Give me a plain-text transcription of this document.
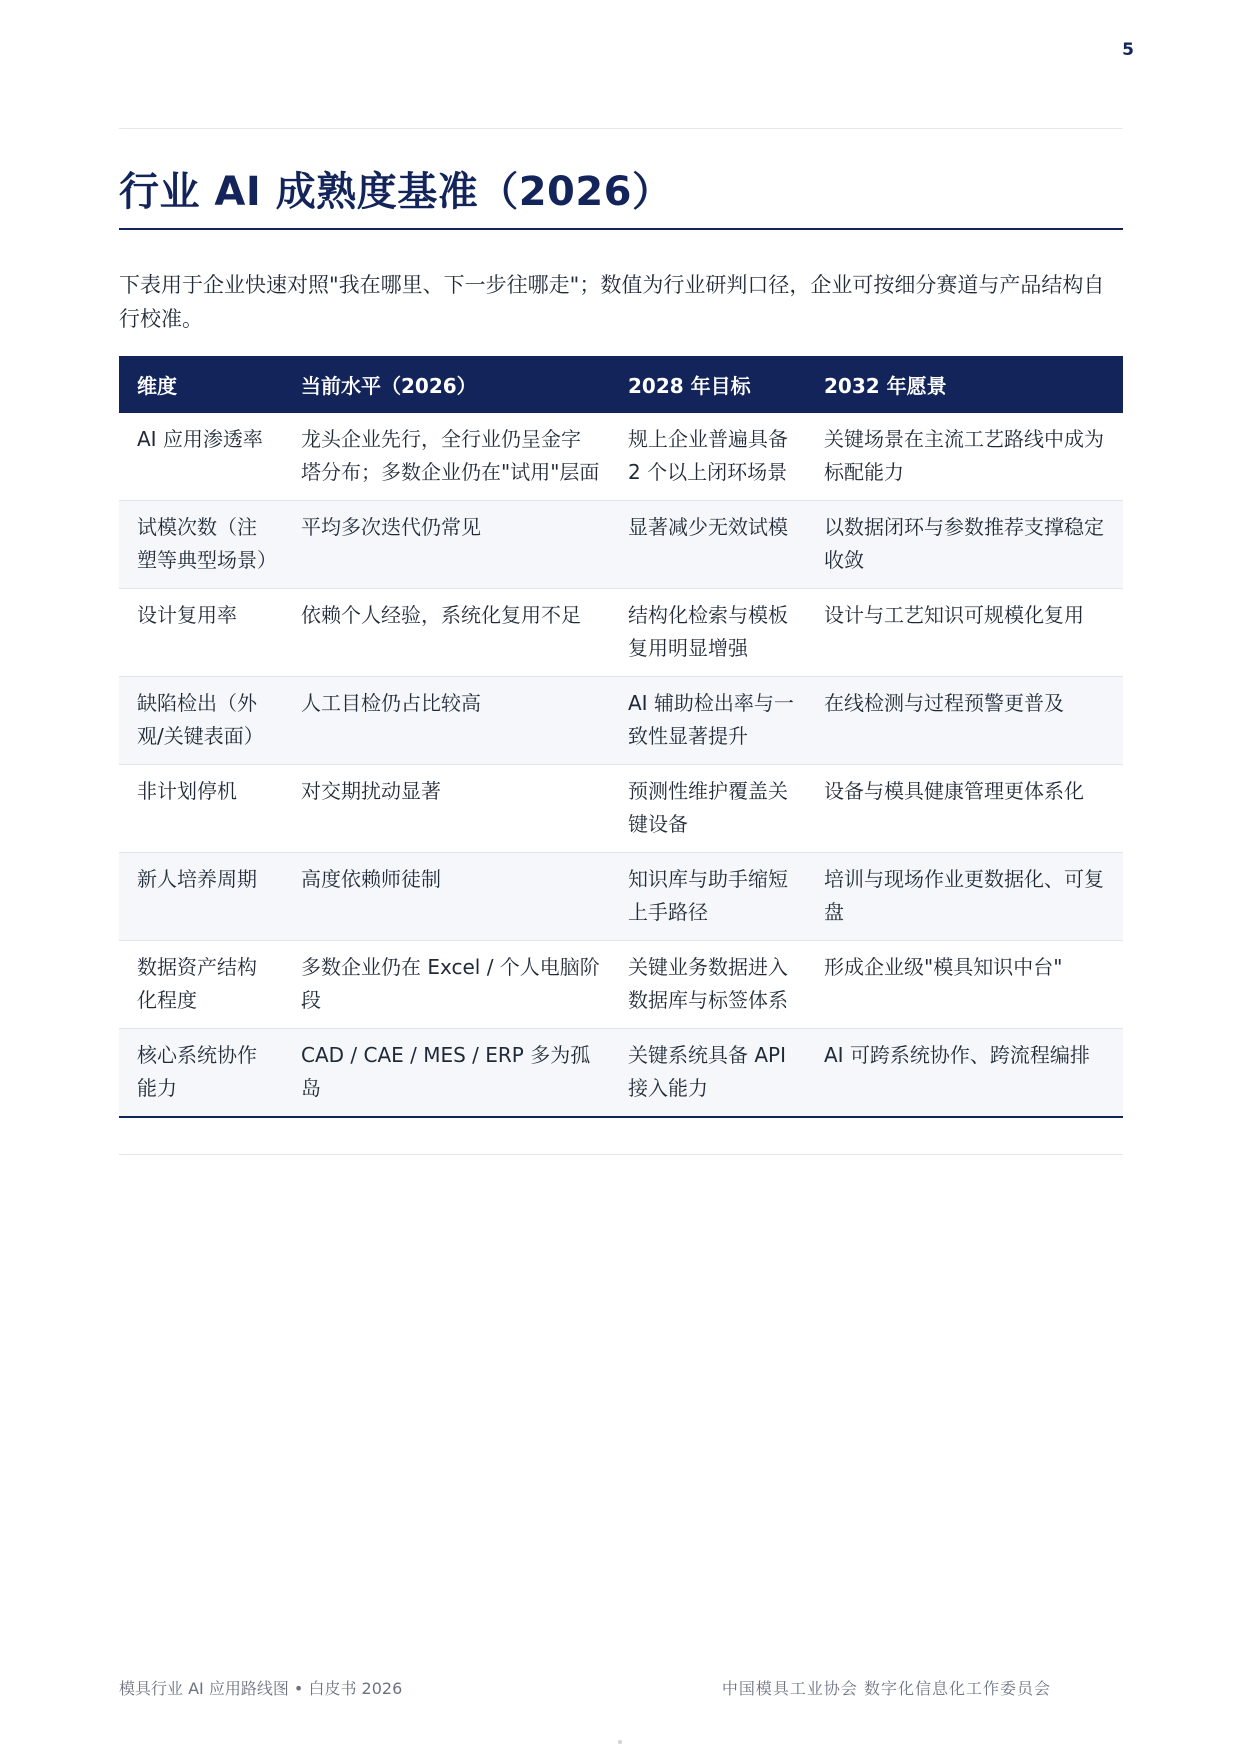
5
行业 AI 成熟度基准（2026）

下表用于企业快速对照"我在哪里、下一步往哪走"；数值为行业研判口径，企业可按细分赛道与产品结构自行校准。

维度	当前水平（2026）	2028 年目标	2032 年愿景
AI 应用渗透率	龙头企业先行，全行业仍呈金字塔分布；多数企业仍在"试用"层面	规上企业普遍具备 2 个以上闭环场景	关键场景在主流工艺路线中成为标配能力
试模次数（注塑等典型场景）	平均多次迭代仍常见	显著减少无效试模	以数据闭环与参数推荐支撑稳定收敛
设计复用率	依赖个人经验，系统化复用不足	结构化检索与模板复用明显增强	设计与工艺知识可规模化复用
缺陷检出（外观/关键表面）	人工目检仍占比较高	AI 辅助检出率与一致性显著提升	在线检测与过程预警更普及
非计划停机	对交期扰动显著	预测性维护覆盖关键设备	设备与模具健康管理更体系化
新人培养周期	高度依赖师徒制	知识库与助手缩短上手路径	培训与现场作业更数据化、可复盘
数据资产结构化程度	多数企业仍在 Excel / 个人电脑阶段	关键业务数据进入数据库与标签体系	形成企业级"模具知识中台"
核心系统协作能力	CAD / CAE / MES / ERP 多为孤岛	关键系统具备 API 接入能力	AI 可跨系统协作、跨流程编排
模具行业 AI 应用路线图 • 白皮书 2026	中国模具工业协会 数字化信息化工作委员会
